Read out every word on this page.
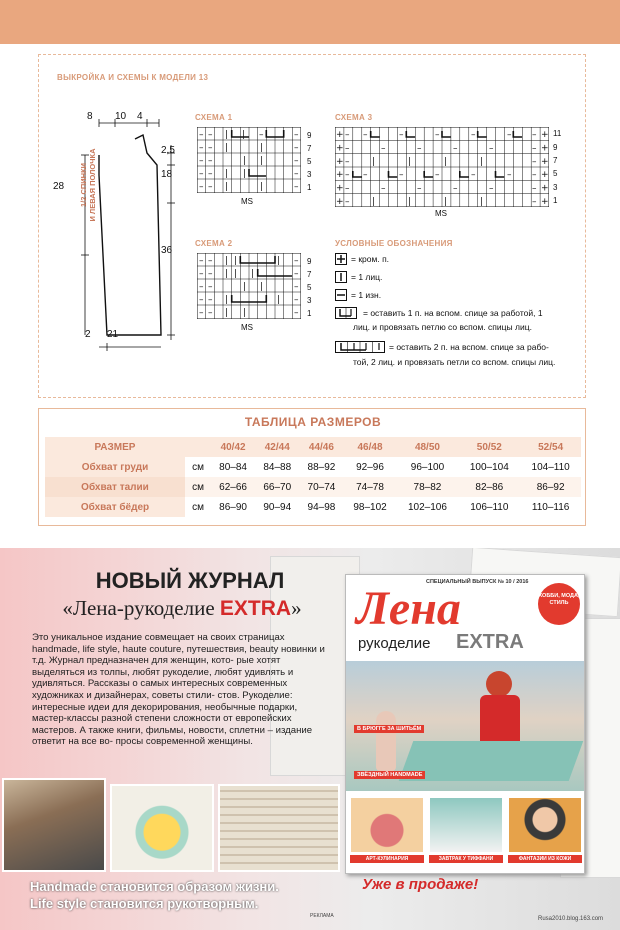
ВЫКРОЙКА И СХЕМЫ К МОДЕЛИ 13
8 10 4
2,5
18
36
28
2 21
1/2 СПИНКИ И ЛЕВАЯ ПОЛОЧКА
СХЕМА 1
– – | | –	–
– – |	|	–
– –	| |	–
– – | |	–
– – |	|	–
9
7
5
3
1
MS
СХЕМА 2
– – | |	| –
– – | | |	–
– –	| |	–
– – |	| –
– – | |	–
9
7
5
3
1
MS
СХЕМА 3
+ – –	–	–	–	– – +
+ –	–	–	–	–	– +
+ –	|	|	|	|	– +
+ – –	–	–	–	– – +
+ –	–	–	–	–	– +
+ –	|	|	|	|	– +
11
9
7
5
3
1
MS
УСЛОВНЫЕ ОБОЗНАЧЕНИЯ
= кром. п.
= 1 лиц.
= 1 изн.
= оставить 1 п. на вспом. спице за работой, 1
лиц. и провязать петлю со вспом. спицы лиц.
= оставить 2 п. на вспом. спице за рабо-
той, 2 лиц. и провязать петли со вспом. спицы лиц.
ТАБЛИЦА РАЗМЕРОВ
РАЗМЕР		40/42	42/44	44/46	46/48	48/50	50/52	52/54
Обхват груди	см	80–84	84–88	88–92	92–96	96–100	100–104	104–110
Обхват талии	см	62–66	66–70	70–74	74–78	78–82	82–86	86–92
Обхват бёдер	см	86–90	90–94	94–98	98–102	102–106	106–110	110–116
НОВЫЙ ЖУРНАЛ
«Лена-рукоделие EXTRA»
Это уникальное издание совмещает на своих страницах handmade, life style, haute couture, путешествия, beauty новинки и т.д. Журнал предназначен для женщин, кото- рые хотят выделяться из толпы, любят рукоделие, любят удивлять и удивляться. Рассказы о самых интересных современных художниках и дизайнерах, советы стили- стов. Рукоделие: интересные идеи для декорирования, необычные подарки, мастер-классы разной степени сложности от европейских мастеров. А также книги, фильмы, новости, сплетни – издание ответит на все во- просы современной женщины.
Handmade становится образом жизни.
Life style становится рукотворным.
СПЕЦИАЛЬНЫЙ ВЫПУСК № 10 / 2016
Лена
рукоделие EXTRA
ХОББИ, МОДА, СТИЛЬ
В БРЮГГЕ ЗА ШИТЬЁМ
ЗВЁЗДНЫЙ HANDMADE
АРТ-КУЛИНАРИЯ	ЗАВТРАК У ТИФФАНИ	ФАНТАЗИИ ИЗ КОЖИ
Уже в продаже!
РЕКЛАМА	Rusa2010.blog.163.com
